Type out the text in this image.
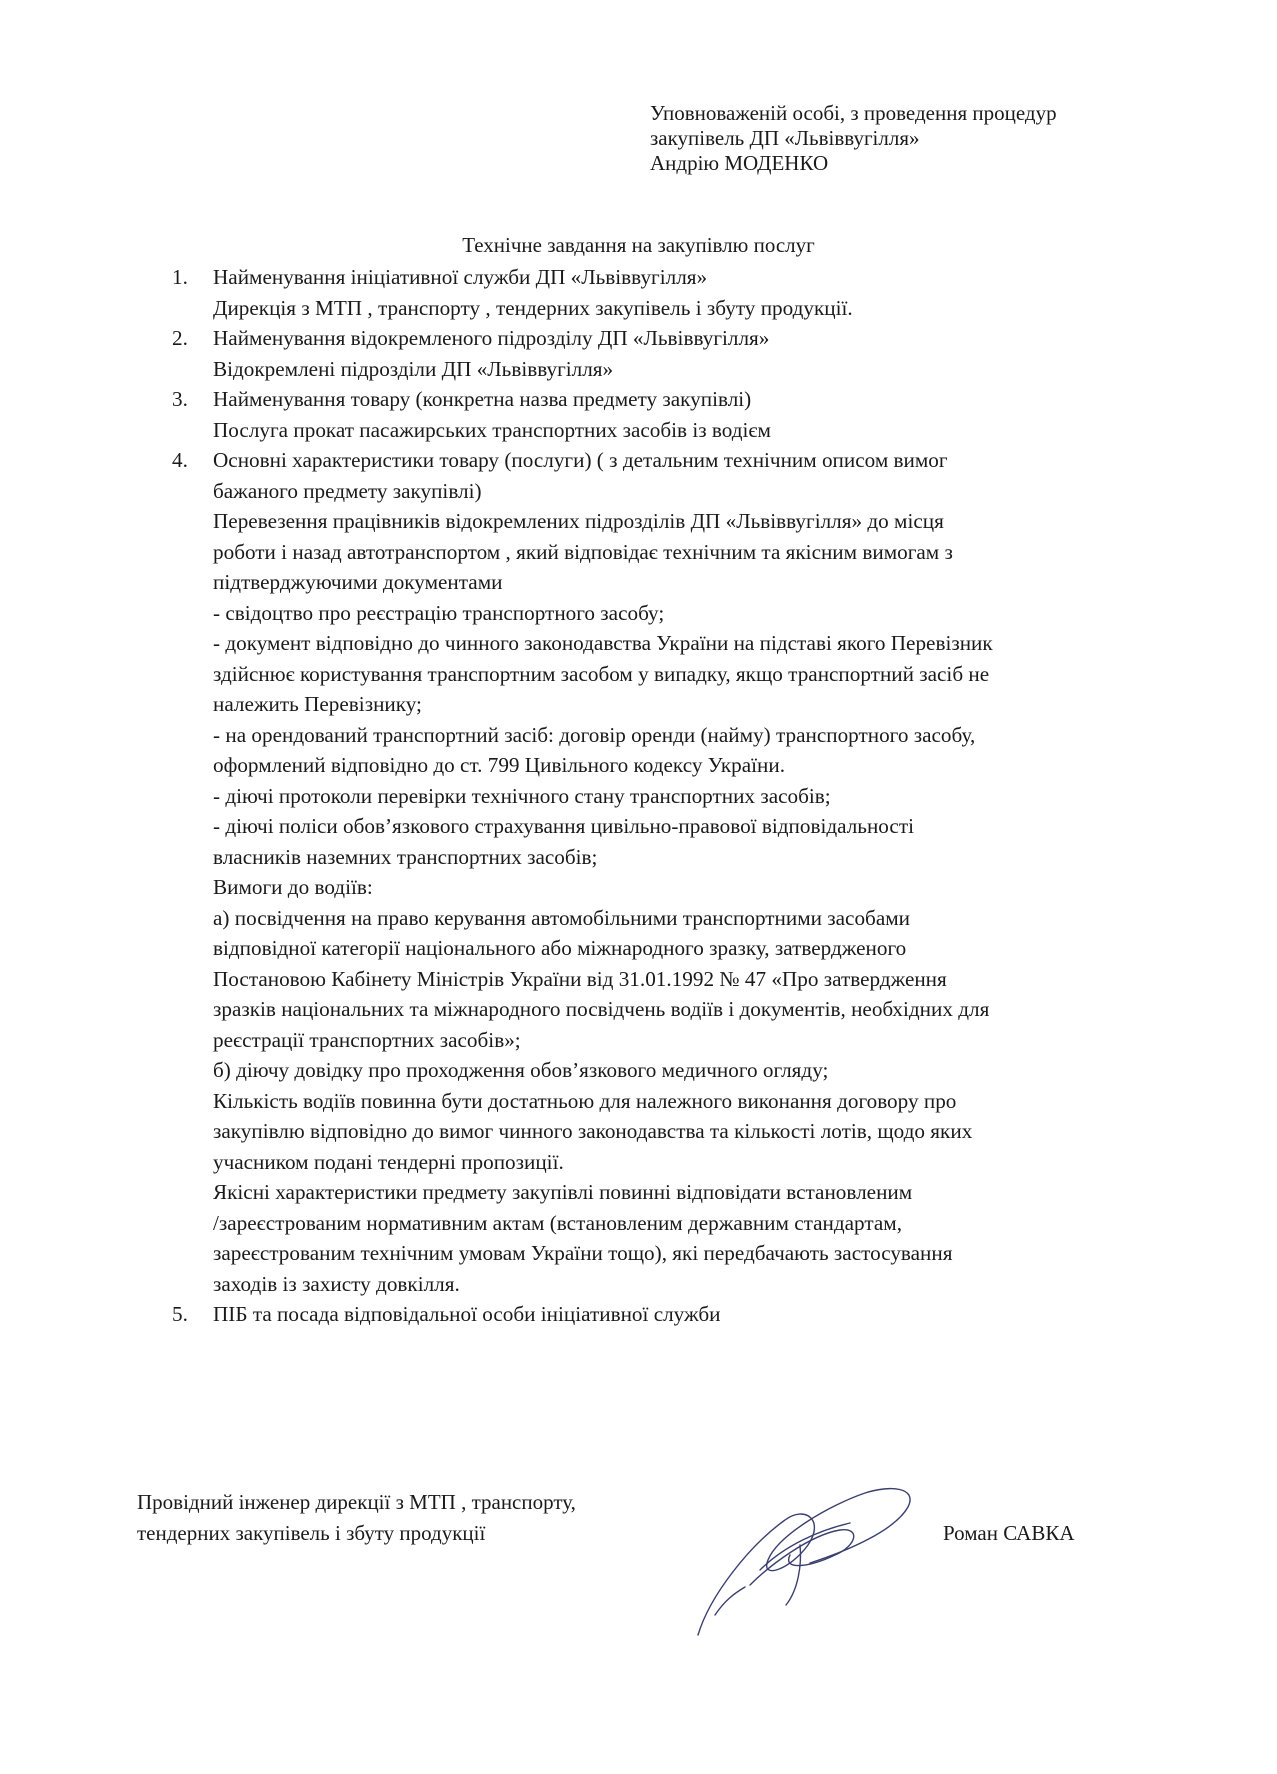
Уповноваженій особі, з проведення процедур
закупівель ДП «Львіввугілля»
Андрію МОДЕНКО
Технічне завдання на закупівлю послуг
1. Найменування ініціативної служби ДП «Львіввугілля»
Дирекція з МТП , транспорту , тендерних закупівель і збуту продукції.
2. Найменування відокремленого підрозділу ДП «Львіввугілля»
Відокремлені підрозділи ДП «Львіввугілля»
3. Найменування товару (конкретна назва предмету закупівлі)
Послуга прокат пасажирських транспортних засобів із водієм
4. Основні характеристики товару (послуги) ( з детальним технічним описом вимог
бажаного предмету закупівлі)
Перевезення працівників відокремлених підрозділів ДП «Львіввугілля» до місця
роботи і назад автотранспортом , який відповідає технічним та якісним вимогам з
підтверджуючими документами
- свідоцтво про реєстрацію транспортного засобу;
- документ відповідно до чинного законодавства України на підставі якого Перевізник
здійснює користування транспортним засобом у випадку, якщо транспортний засіб не
належить Перевізнику;
- на орендований транспортний засіб: договір оренди (найму) транспортного засобу,
оформлений відповідно до ст. 799 Цивільного кодексу України.
- діючі протоколи перевірки технічного стану транспортних засобів;
- діючі поліси обов’язкового страхування цивільно-правової відповідальності
власників наземних транспортних засобів;
Вимоги до водіїв:
а) посвідчення на право керування автомобільними транспортними засобами
відповідної категорії національного або міжнародного зразку, затвердженого
Постановою Кабінету Міністрів України від 31.01.1992 № 47 «Про затвердження
зразків національних та міжнародного посвідчень водіїв і документів, необхідних для
реєстрації транспортних засобів»;
б) діючу довідку про проходження обов’язкового медичного огляду;
Кількість водіїв повинна бути достатньою для належного виконання договору про
закупівлю відповідно до вимог чинного законодавства та кількості лотів, щодо яких
учасником подані тендерні пропозиції.
Якісні характеристики предмету закупівлі повинні відповідати встановленим
/зареєстрованим нормативним актам (встановленим державним стандартам,
зареєстрованим технічним умовам України тощо), які передбачають застосування
заходів із захисту довкілля.
5. ПІБ та посада відповідальної особи ініціативної служби
Провідний інженер дирекції з МТП , транспорту,
тендерних закупівель і збуту продукції	Роман САВКА
